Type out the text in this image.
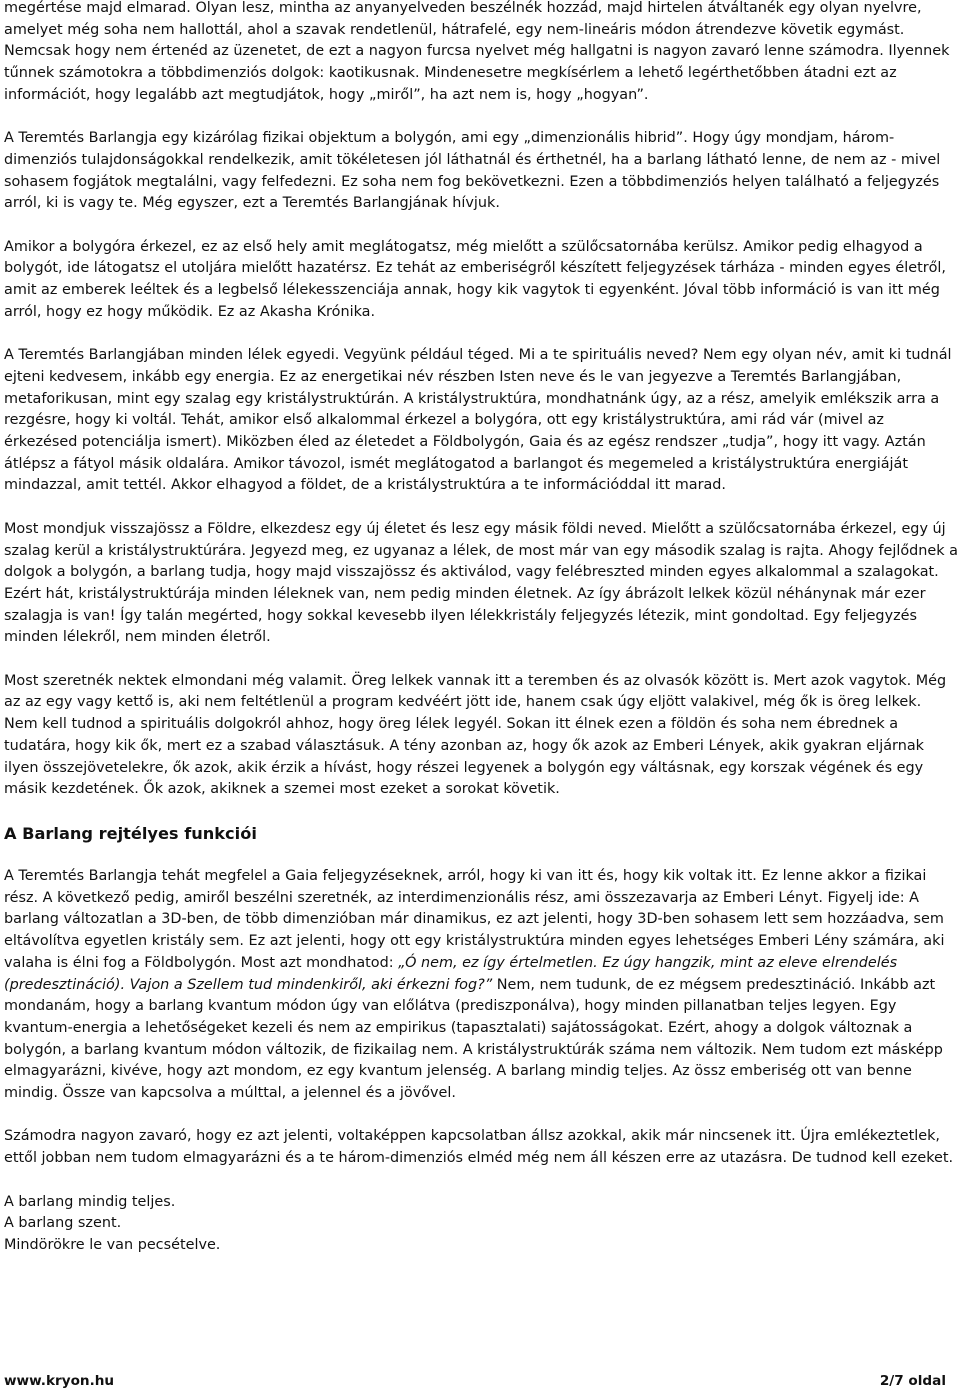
megértése majd elmarad. Olyan lesz, mintha az anyanyelveden beszélnék hozzád, majd hirtelen átváltanék egy olyan nyelvre, amelyet még soha nem hallottál, ahol a szavak rendetlenül, hátrafelé, egy nem-lineáris módon átrendezve követik egymást. Nemcsak hogy nem értenéd az üzenetet, de ezt a nagyon furcsa nyelvet még hallgatni is nagyon zavaró lenne számodra. Ilyennek tűnnek számotokra a többdimenziós dolgok: kaotikusnak. Mindenesetre megkísérlem a lehető legérthetőbben átadni ezt az információt, hogy legalább azt megtudjátok, hogy „miről”, ha azt nem is, hogy „hogyan”.

A Teremtés Barlangja egy kizárólag fizikai objektum a bolygón, ami egy „dimenzionális hibrid”. Hogy úgy mondjam, három-dimenziós tulajdonságokkal rendelkezik, amit tökéletesen jól láthatnál és érthetnél, ha a barlang látható lenne, de nem az - mivel sohasem fogjátok megtalálni, vagy felfedezni. Ez soha nem fog bekövetkezni. Ezen a többdimenziós helyen található a feljegyzés arról, ki is vagy te. Még egyszer, ezt a Teremtés Barlangjának hívjuk.

Amikor a bolygóra érkezel, ez az első hely amit meglátogatsz, még mielőtt a szülőcsatornába kerülsz. Amikor pedig elhagyod a bolygót, ide látogatsz el utoljára mielőtt hazatérsz. Ez tehát az emberiségről készített feljegyzések tárháza - minden egyes életről, amit az emberek leéltek és a legbelső lélekesszenciája annak, hogy kik vagytok ti egyenként. Jóval több információ is van itt még arról, hogy ez hogy működik. Ez az Akasha Krónika.

A Teremtés Barlangjában minden lélek egyedi. Vegyünk például téged. Mi a te spirituális neved? Nem egy olyan név, amit ki tudnál ejteni kedvesem, inkább egy energia. Ez az energetikai név részben Isten neve és le van jegyezve a Teremtés Barlangjában, metaforikusan, mint egy szalag egy kristálystruktúrán. A kristálystruktúra, mondhatnánk úgy, az a rész, amelyik emlékszik arra a rezgésre, hogy ki voltál. Tehát, amikor első alkalommal érkezel a bolygóra, ott egy kristálystruktúra, ami rád vár (mivel az érkezésed potenciálja ismert). Miközben éled az életedet a Földbolygón, Gaia és az egész rendszer „tudja”, hogy itt vagy. Aztán átlépsz a fátyol másik oldalára. Amikor távozol, ismét meglátogatod a barlangot és megemeled a kristálystruktúra energiáját mindazzal, amit tettél. Akkor elhagyod a földet, de a kristálystruktúra a te információddal itt marad.

Most mondjuk visszajössz a Földre, elkezdesz egy új életet és lesz egy másik földi neved. Mielőtt a szülőcsatornába érkezel, egy új szalag kerül a kristálystruktúrára. Jegyezd meg, ez ugyanaz a lélek, de most már van egy második szalag is rajta. Ahogy fejlődnek a dolgok a bolygón, a barlang tudja, hogy majd visszajössz és aktiválod, vagy felébreszted minden egyes alkalommal a szalagokat. Ezért hát, kristálystruktúrája minden léleknek van, nem pedig minden életnek. Az így ábrázolt lelkek közül néhánynak már ezer szalagja is van! Így talán megérted, hogy sokkal kevesebb ilyen lélekkristály feljegyzés létezik, mint gondoltad. Egy feljegyzés minden lélekről, nem minden életről.

Most szeretnék nektek elmondani még valamit. Öreg lelkek vannak itt a teremben és az olvasók között is. Mert azok vagytok. Még az az egy vagy kettő is, aki nem feltétlenül a program kedvéért jött ide, hanem csak úgy eljött valakivel, még ők is öreg lelkek. Nem kell tudnod a spirituális dolgokról ahhoz, hogy öreg lélek legyél. Sokan itt élnek ezen a földön és soha nem ébrednek a tudatára, hogy kik ők, mert ez a szabad választásuk. A tény azonban az, hogy ők azok az Emberi Lények, akik gyakran eljárnak ilyen összejövetelekre, ők azok, akik érzik a hívást, hogy részei legyenek a bolygón egy váltásnak, egy korszak végének és egy másik kezdetének. Ők azok, akiknek a szemei most ezeket a sorokat követik.

A Barlang rejtélyes funkciói

A Teremtés Barlangja tehát megfelel a Gaia feljegyzéseknek, arról, hogy ki van itt és, hogy kik voltak itt. Ez lenne akkor a fizikai rész. A következő pedig, amiről beszélni szeretnék, az interdimenzionális rész, ami összezavarja az Emberi Lényt. Figyelj ide: A barlang változatlan a 3D-ben, de több dimenzióban már dinamikus, ez azt jelenti, hogy 3D-ben sohasem lett sem hozzáadva, sem eltávolítva egyetlen kristály sem. Ez azt jelenti, hogy ott egy kristálystruktúra minden egyes lehetséges Emberi Lény számára, aki valaha is élni fog a Földbolygón. Most azt mondhatod: „Ó nem, ez így értelmetlen. Ez úgy hangzik, mint az eleve elrendelés (predesztináció). Vajon a Szellem tud mindenkiről, aki érkezni fog?” Nem, nem tudunk, de ez mégsem predesztináció. Inkább azt mondanám, hogy a barlang kvantum módon úgy van előlátva (prediszponálva), hogy minden pillanatban teljes legyen. Egy kvantum-energia a lehetőségeket kezeli és nem az empirikus (tapasztalati) sajátosságokat. Ezért, ahogy a dolgok változnak a bolygón, a barlang kvantum módon változik, de fizikailag nem. A kristálystruktúrák száma nem változik. Nem tudom ezt másképp elmagyarázni, kivéve, hogy azt mondom, ez egy kvantum jelenség. A barlang mindig teljes. Az össz emberiség ott van benne mindig. Össze van kapcsolva a múlttal, a jelennel és a jövővel.

Számodra nagyon zavaró, hogy ez azt jelenti, voltaképpen kapcsolatban állsz azokkal, akik már nincsenek itt. Újra emlékeztetlek, ettől jobban nem tudom elmagyarázni és a te három-dimenziós elméd még nem áll készen erre az utazásra. De tudnod kell ezeket.

A barlang mindig teljes.

A barlang szent.

Mindörökre le van pecsételve.

www.kryon.hu	2/7 oldal
